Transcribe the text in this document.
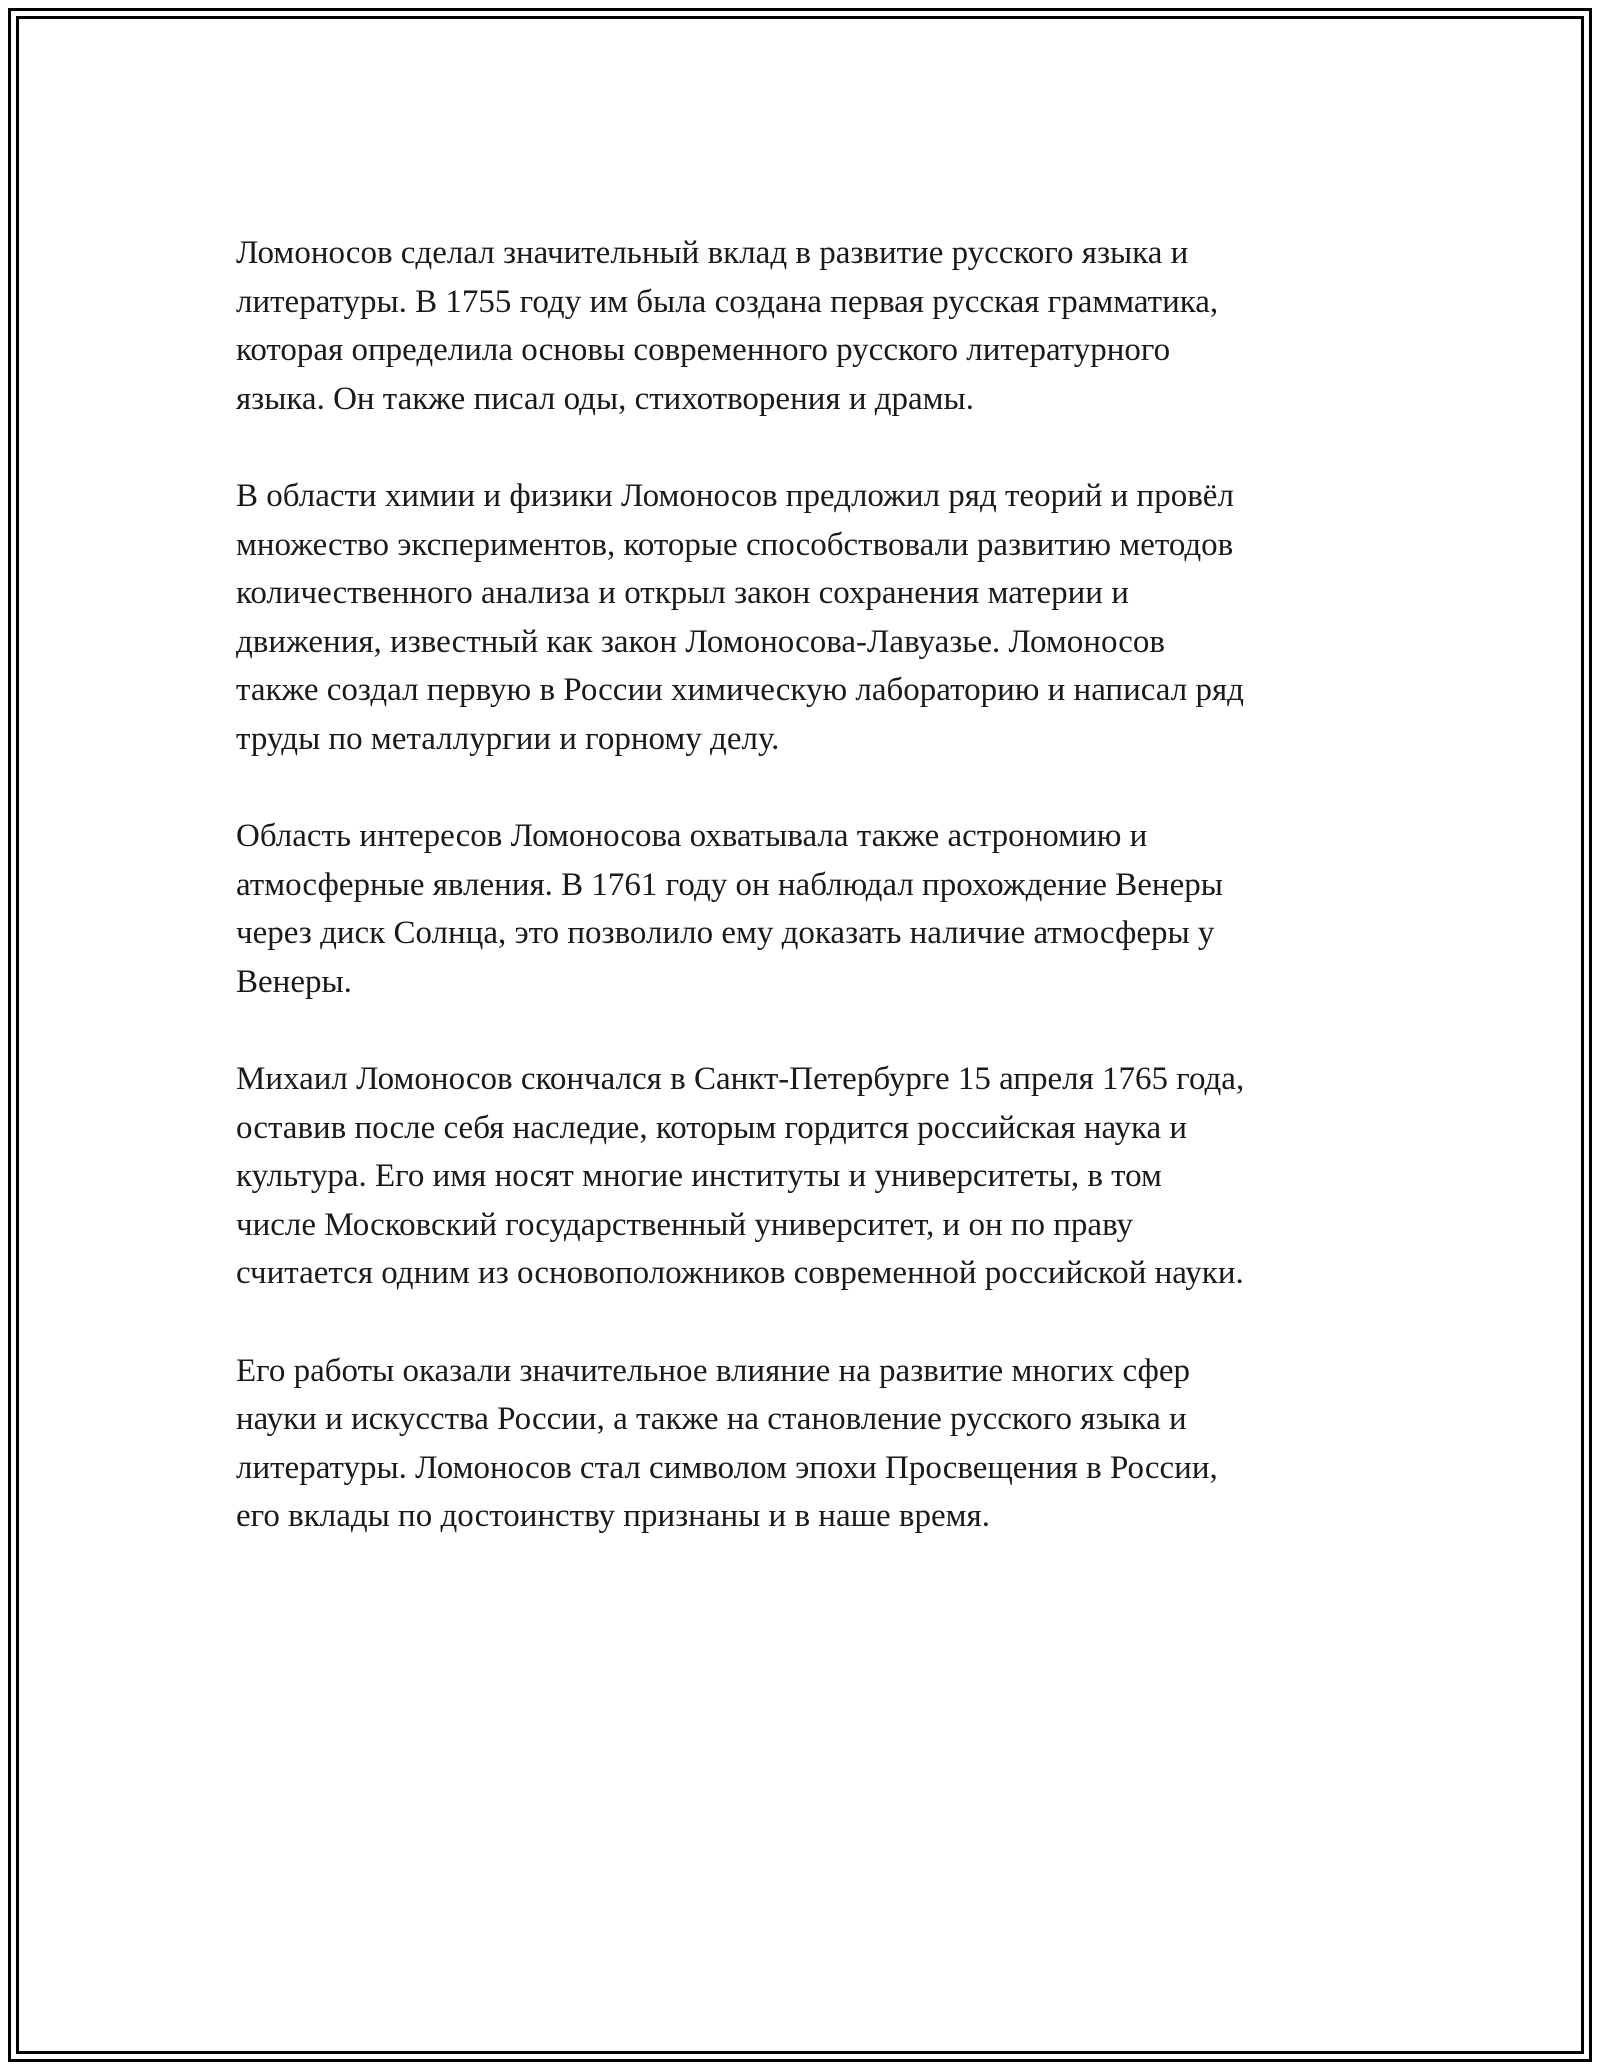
Ломоносов сделал значительный вклад в развитие русского языка и
литературы. В 1755 году им была создана первая русская грамматика,
которая определила основы современного русского литературного
языка. Он также писал оды, стихотворения и драмы.

В области химии и физики Ломоносов предложил ряд теорий и провёл
множество экспериментов, которые способствовали развитию методов
количественного анализа и открыл закон сохранения материи и
движения, известный как закон Ломоносова-Лавуазье. Ломоносов
также создал первую в России химическую лабораторию и написал ряд
труды по металлургии и горному делу.

Область интересов Ломоносова охватывала также астрономию и
атмосферные явления. В 1761 году он наблюдал прохождение Венеры
через диск Солнца, это позволило ему доказать наличие атмосферы у
Венеры.

Михаил Ломоносов скончался в Санкт-Петербурге 15 апреля 1765 года,
оставив после себя наследие, которым гордится российская наука и
культура. Его имя носят многие институты и университеты, в том
числе Московский государственный университет, и он по праву
считается одним из основоположников современной российской науки.

Его работы оказали значительное влияние на развитие многих сфер
науки и искусства России, а также на становление русского языка и
литературы. Ломоносов стал символом эпохи Просвещения в России,
его вклады по достоинству признаны и в наше время.
